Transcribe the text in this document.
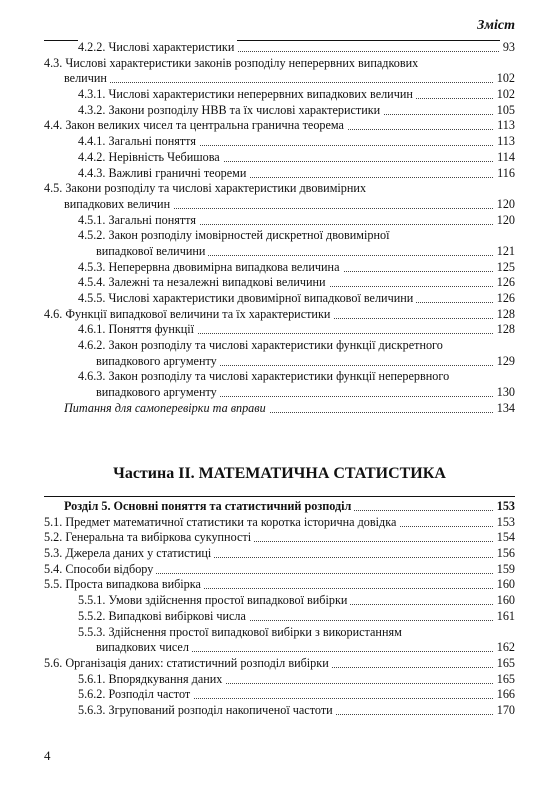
Зміст
4.2.2. Числові характеристики	93
4.3. Числові характеристики законів розподілу неперервних випадкових
величин	102
4.3.1. Числові характеристики неперервних випадкових величин	102
4.3.2. Закони розподілу НВВ та їх числові характеристики	105
4.4. Закон великих чисел та центральна гранична теорема	113
4.4.1. Загальні поняття	113
4.4.2. Нерівність Чебишова	114
4.4.3. Важливі граничні теореми	116
4.5. Закони розподілу та числові характеристики двовимірних
випадкових величин	120
4.5.1. Загальні поняття	120
4.5.2. Закон розподілу імовірностей дискретної двовимірної
випадкової величини	121
4.5.3. Неперервна двовимірна випадкова величина	125
4.5.4. Залежні та незалежні випадкові величини	126
4.5.5. Числові характеристики двовимірної випадкової величини	126
4.6. Функції випадкової величини та їх характеристики	128
4.6.1. Поняття функції	128
4.6.2. Закон розподілу та числові характеристики функції дискретного
випадкового аргументу	129
4.6.3. Закон розподілу та числові характеристики функції неперервного
випадкового аргументу	130
Питання для самоперевірки та вправи	134
Частина II. МАТЕМАТИЧНА СТАТИСТИКА
Розділ 5. Основні поняття та статистичний розподіл	153
5.1. Предмет математичної статистики та коротка історична довідка	153
5.2. Генеральна та вибіркова сукупності	154
5.3. Джерела даних у статистиці	156
5.4. Способи відбору	159
5.5. Проста випадкова вибірка	160
5.5.1. Умови здійснення простої випадкової вибірки	160
5.5.2. Випадкові вибіркові числа	161
5.5.3. Здійснення простої випадкової вибірки з використанням
випадкових чисел	162
5.6. Організація даних: статистичний розподіл вибірки	165
5.6.1. Впорядкування даних	165
5.6.2. Розподіл частот	166
5.6.3. Згрупований розподіл накопиченої частоти	170
4
